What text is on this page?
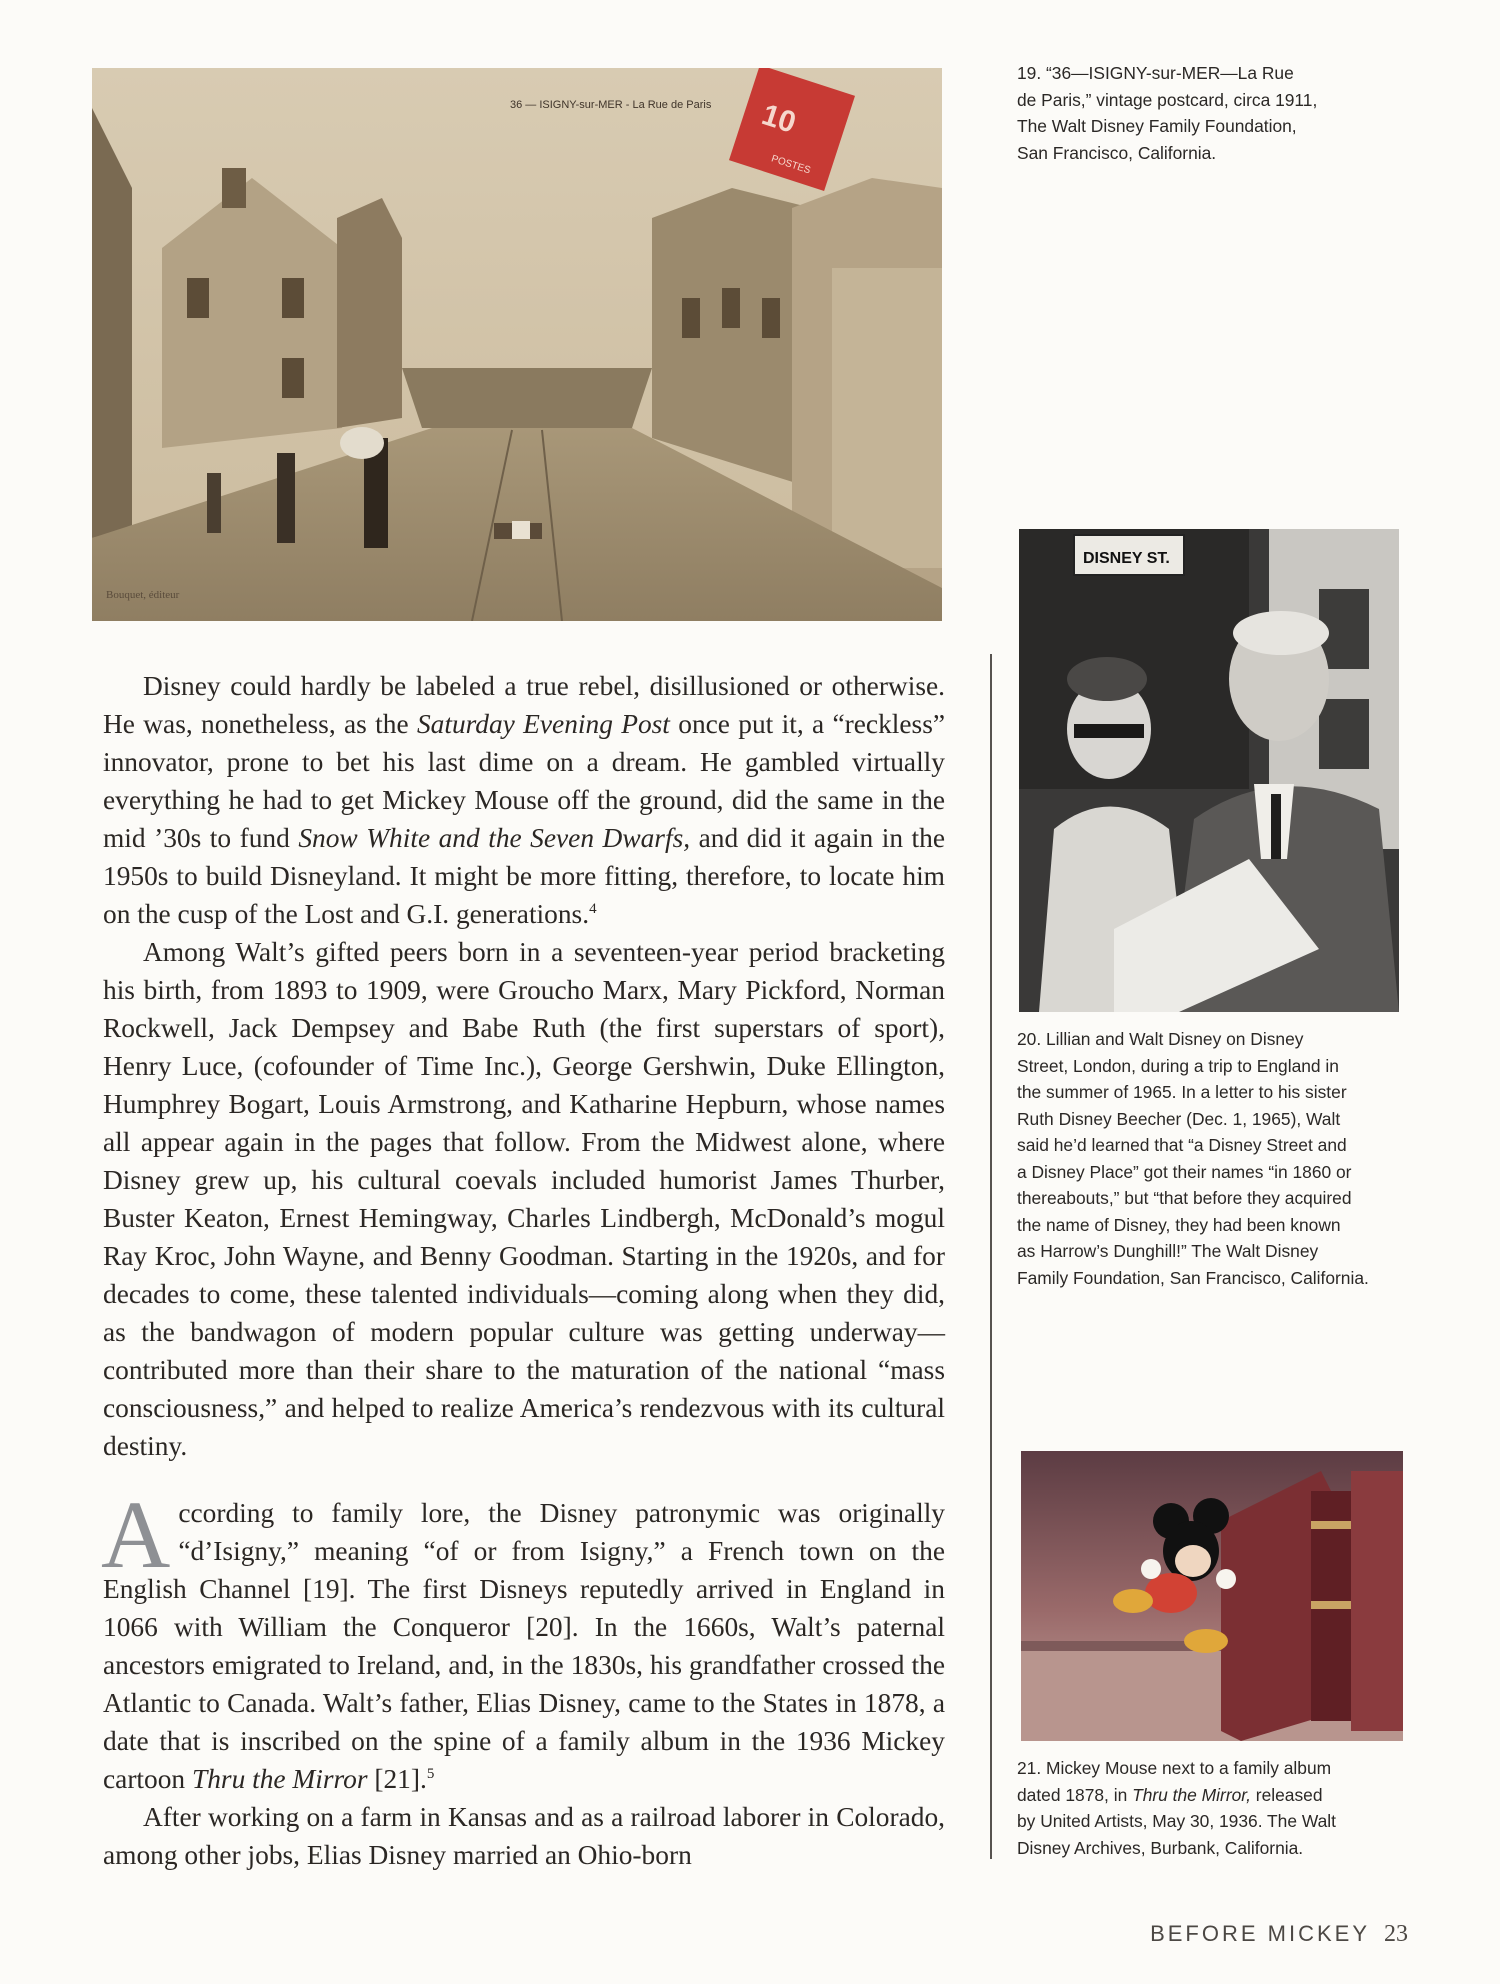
36 — ISIGNY-sur-MER - La Rue de Paris 10
POSTES
Bouquet, éditeur
19. “36—ISIGNY-sur-MER—La Rue
de Paris,” vintage postcard, circa 1911,
The Walt Disney Family Foundation,
San Francisco, California.
DISNEY ST.
20. Lillian and Walt Disney on Disney
Street, London, during a trip to England in
the summer of 1965. In a letter to his sister
Ruth Disney Beecher (Dec. 1, 1965), Walt
said he’d learned that “a Disney Street and
a Disney Place” got their names “in 1860 or
thereabouts,” but “that before they acquired
the name of Disney, they had been known
as Harrow’s Dunghill!” The Walt Disney
Family Foundation, San Francisco, California.
21. Mickey Mouse next to a family album
dated 1878, in Thru the Mirror, released
by United Artists, May 30, 1936. The Walt
Disney Archives, Burbank, California.

Disney could hardly be labeled a true rebel, disillusioned or otherwise. He was, nonetheless, as the Saturday Evening Post once put it, a “reckless” innovator, prone to bet his last dime on a dream. He gambled virtually everything he had to get Mickey Mouse off the ground, did the same in the mid ’30s to fund Snow White and the Seven Dwarfs, and did it again in the 1950s to build Disneyland. It might be more fitting, therefore, to locate him on the cusp of the Lost and G.I. generations.$^4$

Among Walt’s gifted peers born in a seventeen-year period bracketing his birth, from 1893 to 1909, were Groucho Marx, Mary Pickford, Norman Rockwell, Jack Dempsey and Babe Ruth (the first superstars of sport), Henry Luce, (cofounder of Time Inc.), George Gershwin, Duke Ellington, Humphrey Bogart, Louis Armstrong, and Katharine Hepburn, whose names all appear again in the pages that follow. From the Midwest alone, where Disney grew up, his cultural coevals included humorist James Thurber, Buster Keaton, Ernest Hemingway, Charles Lindbergh, McDonald’s mogul Ray Kroc, John Wayne, and Benny Goodman. Starting in the 1920s, and for decades to come, these talented individuals—coming along when they did, as the bandwagon of modern popular culture was getting underway—contributed more than their share to the maturation of the national “mass consciousness,” and helped to realize America’s rendezvous with its cultural destiny.

According to family lore, the Disney patronymic was originally “d’Isigny,” meaning “of or from Isigny,” a French town on the English Channel [19]. The first Disneys reputedly arrived in England in 1066 with William the Conqueror [20]. In the 1660s, Walt’s paternal ancestors emigrated to Ireland, and, in the 1830s, his grandfather crossed the Atlantic to Canada. Walt’s father, Elias Disney, came to the States in 1878, a date that is inscribed on the spine of a family album in the 1936 Mickey cartoon Thru the Mirror [21].$^5$

After working on a farm in Kansas and as a railroad laborer in Colorado, among other jobs, Elias Disney married an Ohio-born

BEFORE MICKEY 23
